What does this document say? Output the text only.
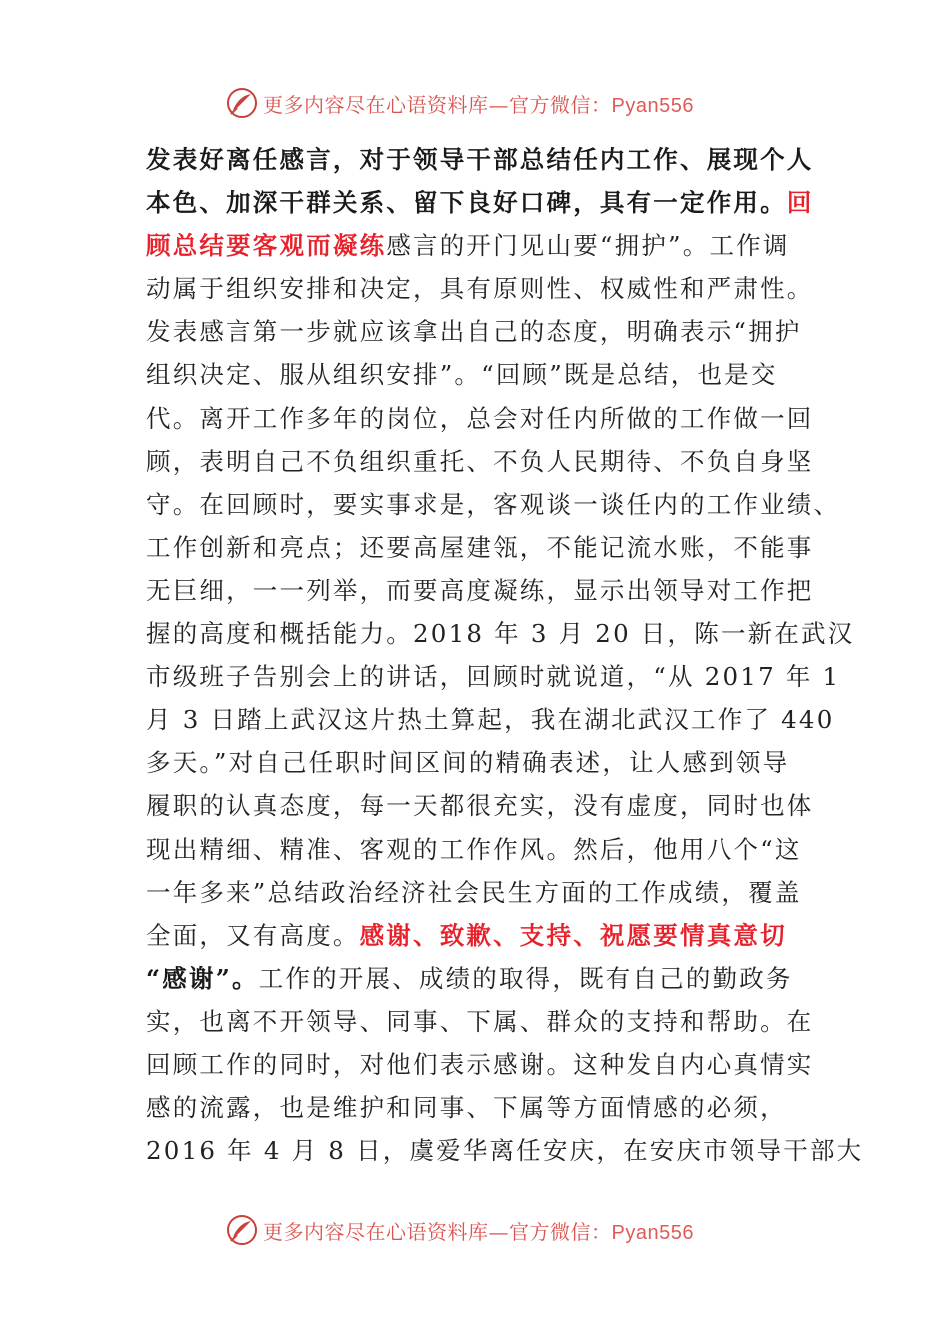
更多内容尽在心语资料库—官方微信：Pyan556
发表好离任感言，对于领导干部总结任内工作、展现个人
本色、加深干群关系、留下良好口碑，具有一定作用。回
顾总结要客观而凝练感言的开门见山要“拥护”。工作调
动属于组织安排和决定，具有原则性、权威性和严肃性。
发表感言第一步就应该拿出自己的态度，明确表示“拥护
组织决定、服从组织安排”。“回顾”既是总结，也是交
代。离开工作多年的岗位，总会对任内所做的工作做一回
顾，表明自己不负组织重托、不负人民期待、不负自身坚
守。在回顾时，要实事求是，客观谈一谈任内的工作业绩、
工作创新和亮点；还要高屋建瓴，不能记流水账，不能事
无巨细，一一列举，而要高度凝练，显示出领导对工作把
握的高度和概括能力。2018 年 3 月 20 日，陈一新在武汉
市级班子告别会上的讲话，回顾时就说道，“从 2017 年 1
月 3 日踏上武汉这片热土算起，我在湖北武汉工作了 440
多天。”对自己任职时间区间的精确表述，让人感到领导
履职的认真态度，每一天都很充实，没有虚度，同时也体
现出精细、精准、客观的工作作风。然后，他用八个“这
一年多来”总结政治经济社会民生方面的工作成绩，覆盖
全面，又有高度。感谢、致歉、支持、祝愿要情真意切
“感谢”。工作的开展、成绩的取得，既有自己的勤政务
实，也离不开领导、同事、下属、群众的支持和帮助。在
回顾工作的同时，对他们表示感谢。这种发自内心真情实
感的流露，也是维护和同事、下属等方面情感的必须，
2016 年 4 月 8 日，虞爱华离任安庆，在安庆市领导干部大
更多内容尽在心语资料库—官方微信：Pyan556
